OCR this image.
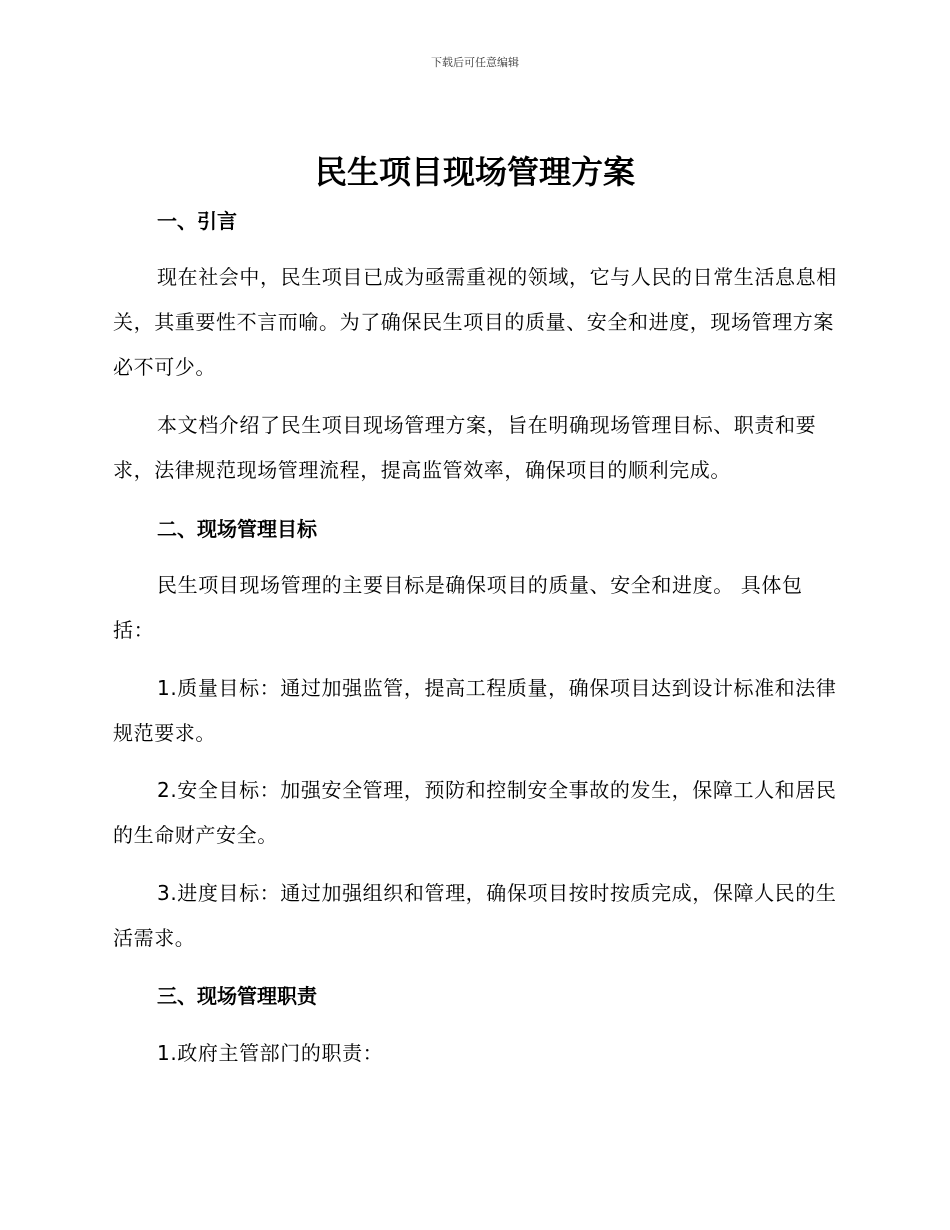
下载后可任意编辑
民生项目现场管理方案
一、引言

现在社会中，民生项目已成为亟需重视的领域，它与人民的日常生活息息相关，其重要性不言而喻。为了确保民生项目的质量、安全和进度，现场管理方案必不可少。

本文档介绍了民生项目现场管理方案，旨在明确现场管理目标、职责和要求，法律规范现场管理流程，提高监管效率，确保项目的顺利完成。

二、现场管理目标

民生项目现场管理的主要目标是确保项目的质量、安全和进度。 具体包括：

1.质量目标：通过加强监管，提高工程质量，确保项目达到设计标准和法律规范要求。

2.安全目标：加强安全管理，预防和控制安全事故的发生，保障工人和居民的生命财产安全。

3.进度目标：通过加强组织和管理，确保项目按时按质完成，保障人民的生活需求。

三、现场管理职责

1.政府主管部门的职责：
